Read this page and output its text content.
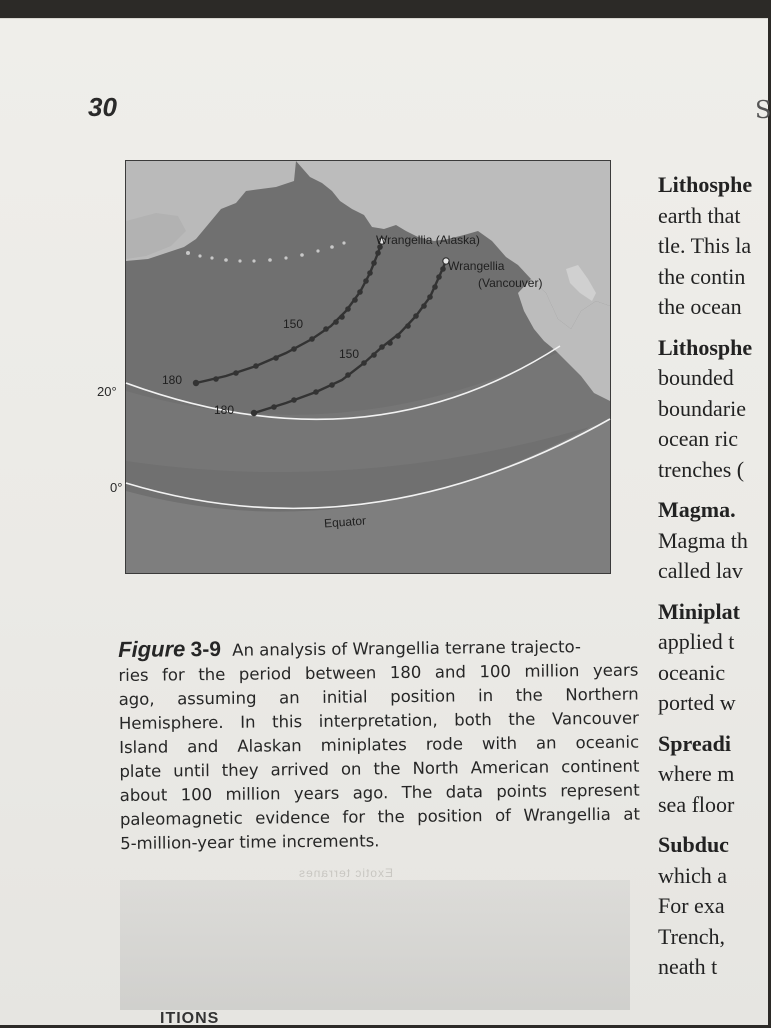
30	S
Wrangellia (Alaska)
Wrangellia
(Vancouver)
150
180
150
180
Equator
20°
0°
Figure 3-9 An analysis of Wrangellia terrane trajecto-
ries for the period between 180 and 100 million years
ago, assuming an initial position in the Northern
Hemisphere. In this interpretation, both the Vancouver
Island and Alaskan miniplates rode with an oceanic
plate until they arrived on the North American continent
about 100 million years ago. The data points represent
paleomagnetic evidence for the position of Wrangellia at
5-million-year time increments.
Lithosphe
earth that
tle. This la
the contin
the ocean
Lithosphe
bounded
boundarie
ocean ric
trenches (
Magma.
Magma th
called lav
Miniplat
applied t
oceanic
ported w
Spreadi
where m
sea floor
Subduc
which a
For exa
Trench,
neath t
Exotic terranes
ITIONS
